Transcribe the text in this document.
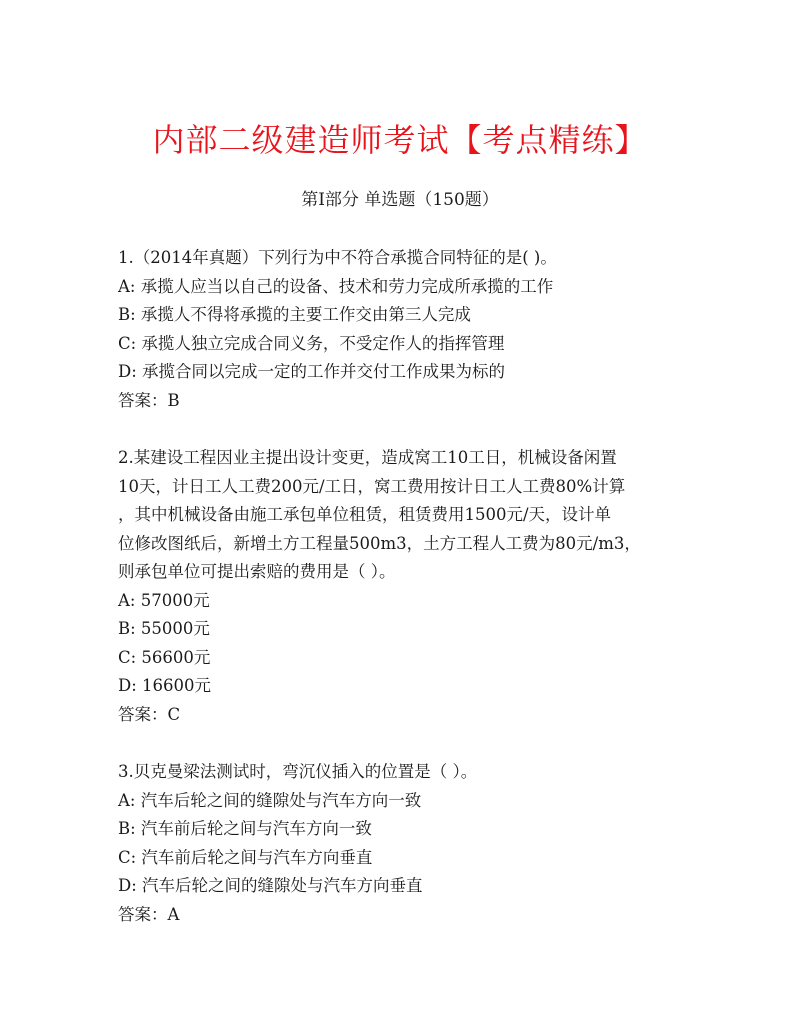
内部二级建造师考试【考点精练】
第I部分 单选题（150题）
1.（2014年真题）下列行为中不符合承揽合同特征的是( )。
A: 承揽人应当以自己的设备、技术和劳力完成所承揽的工作
B: 承揽人不得将承揽的主要工作交由第三人完成
C: 承揽人独立完成合同义务，不受定作人的指挥管理
D: 承揽合同以完成一定的工作并交付工作成果为标的
答案：B
2.某建设工程因业主提出设计变更，造成窝工10工日，机械设备闲置
10天，计日工人工费200元/工日，窝工费用按计日工人工费80%计算
，其中机械设备由施工承包单位租赁，租赁费用1500元/天，设计单
位修改图纸后，新增土方工程量500m3，土方工程人工费为80元/m3，
则承包单位可提出索赔的费用是（ ）。
A: 57000元
B: 55000元
C: 56600元
D: 16600元
答案：C
3.贝克曼梁法测试时，弯沉仪插入的位置是（ ）。
A: 汽车后轮之间的缝隙处与汽车方向一致
B: 汽车前后轮之间与汽车方向一致
C: 汽车前后轮之间与汽车方向垂直
D: 汽车后轮之间的缝隙处与汽车方向垂直
答案：A
